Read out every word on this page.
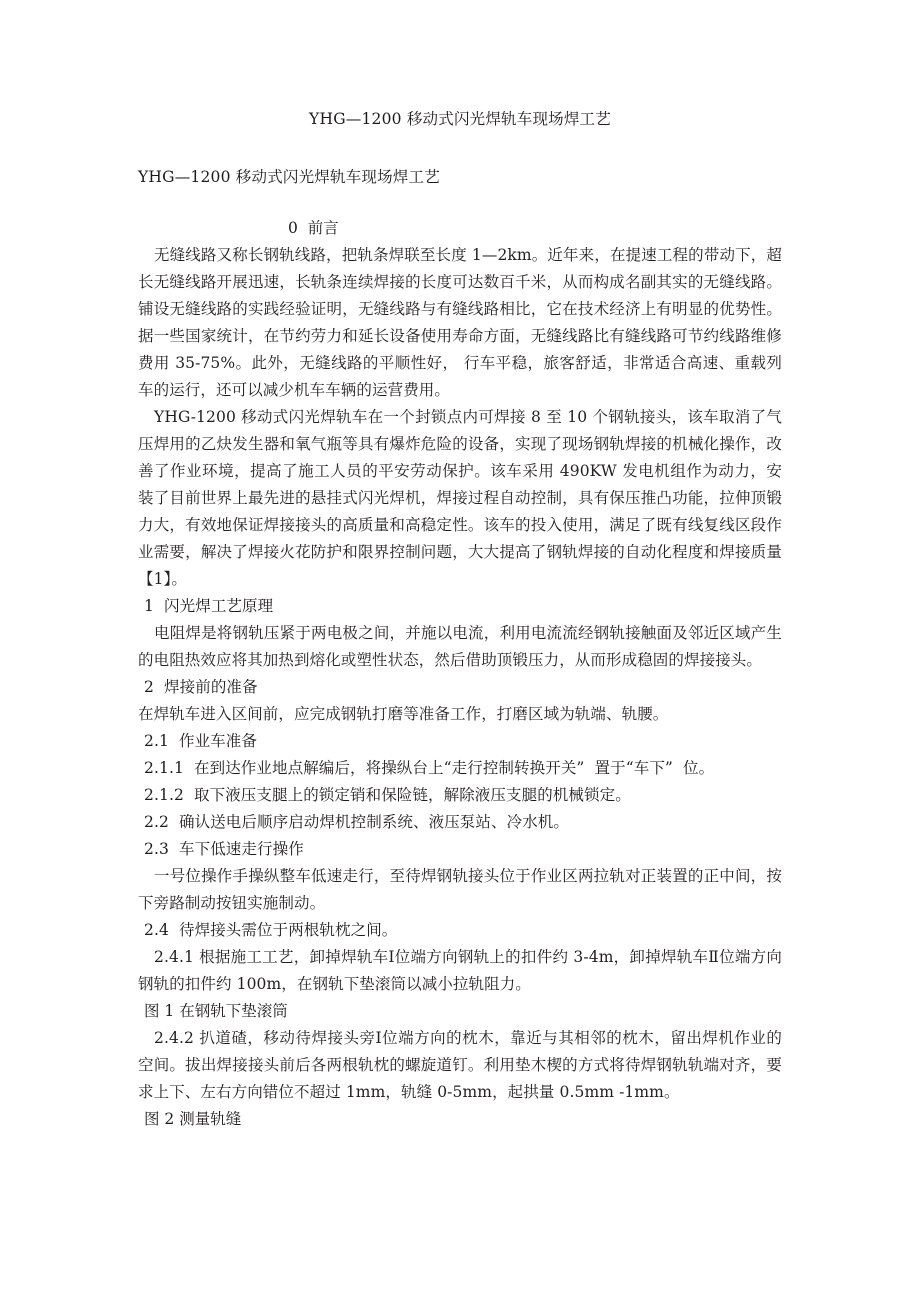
YHG—1200 移动式闪光焊轨车现场焊工艺
YHG—1200 移动式闪光焊轨车现场焊工艺
0  前言

无缝线路又称长钢轨线路，把轨条焊联至长度 1—2km。近年来，在提速工程的带动下，超长无缝线路开展迅速，长轨条连续焊接的长度可达数百千米，从而构成名副其实的无缝线路。铺设无缝线路的实践经验证明，无缝线路与有缝线路相比，它在技术经济上有明显的优势性。据一些国家统计，在节约劳力和延长设备使用寿命方面，无缝线路比有缝线路可节约线路维修费用 35-75%。此外，无缝线路的平顺性好， 行车平稳，旅客舒适，非常适合高速、重载列车的运行，还可以减少机车车辆的运营费用。

YHG-1200 移动式闪光焊轨车在一个封锁点内可焊接 8 至 10 个钢轨接头，该车取消了气压焊用的乙炔发生器和氧气瓶等具有爆炸危险的设备，实现了现场钢轨焊接的机械化操作，改善了作业环境，提高了施工人员的平安劳动保护。该车采用 490KW 发电机组作为动力，安装了目前世界上最先进的悬挂式闪光焊机，焊接过程自动控制，具有保压推凸功能，拉伸顶锻力大，有效地保证焊接接头的高质量和高稳定性。该车的投入使用，满足了既有线复线区段作业需要，解决了焊接火花防护和限界控制问题，大大提高了钢轨焊接的自动化程度和焊接质量【1】。

1  闪光焊工艺原理

电阻焊是将钢轨压紧于两电极之间，并施以电流，利用电流流经钢轨接触面及邻近区域产生的电阻热效应将其加热到熔化或塑性状态，然后借助顶锻压力，从而形成稳固的焊接接头。

2  焊接前的准备

在焊轨车进入区间前，应完成钢轨打磨等准备工作，打磨区域为轨端、轨腰。

2.1  作业车准备

2.1.1  在到达作业地点解编后，将操纵台上“走行控制转换开关”  置于“车下”  位。

2.1.2  取下液压支腿上的锁定销和保险链，解除液压支腿的机械锁定。

2.2  确认送电后顺序启动焊机控制系统、液压泵站、冷水机。

2.3  车下低速走行操作

一号位操作手操纵整车低速走行，至待焊钢轨接头位于作业区两拉轨对正装置的正中间，按下旁路制动按钮实施制动。

2.4  待焊接头需位于两根轨枕之间。

2.4.1 根据施工工艺，卸掉焊轨车Ⅰ位端方向钢轨上的扣件约 3-4m，卸掉焊轨车Ⅱ位端方向钢轨的扣件约 100m，在钢轨下垫滚筒以减小拉轨阻力。

图 1 在钢轨下垫滚筒

2.4.2 扒道碴，移动待焊接头旁Ⅰ位端方向的枕木，靠近与其相邻的枕木，留出焊机作业的空间。拔出焊接接头前后各两根轨枕的螺旋道钉。利用垫木楔的方式将待焊钢轨轨端对齐，要求上下、左右方向错位不超过 1mm，轨缝 0-5mm，起拱量 0.5mm -1mm。

图 2 测量轨缝
